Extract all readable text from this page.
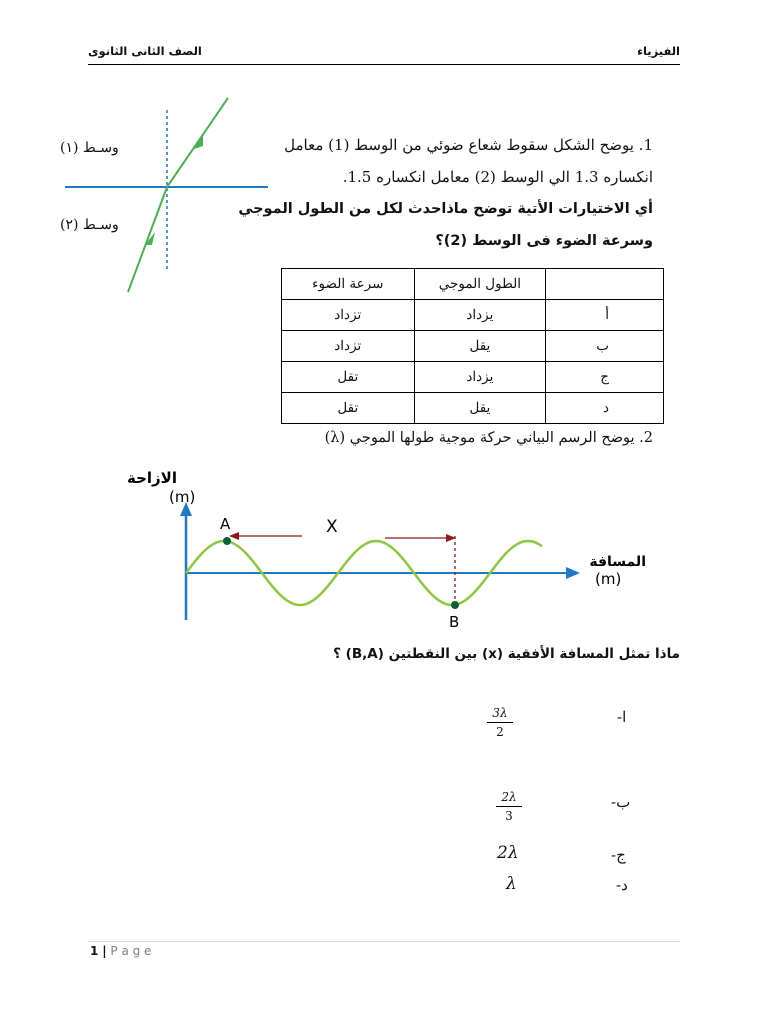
الفيزياء
الصف الثانى الثانوى
وسـط (١)
وسـط (٢)
1. يوضح الشكل سقوط شعاع ضوئي من الوسط (1) معامل
انكساره 1.3 الي الوسط (2) معامل انكساره 1.5.
أي الاختيارات الأتية توضح ماذاحدث لكل من الطول الموجي
وسرعة الضوء فى الوسط (2)؟
	الطول الموجي	سرعة الضوء
أ	يزداد	تزداد
ب	يقل	تزداد
ج	يزداد	تقل
د	يقل	تقل
2. يوضح الرسم البياني حركة موجية طولها الموجي (λ)
الازاحة
(m)
A
B
X
المسافة
(m)
ماذا تمثل المسافة الأفقية (x) بين النقطتين (B,A) ؟
ا-
3λ
2
ب-
2λ
3
ج-
2λ
د-
λ
1 | P a g e
